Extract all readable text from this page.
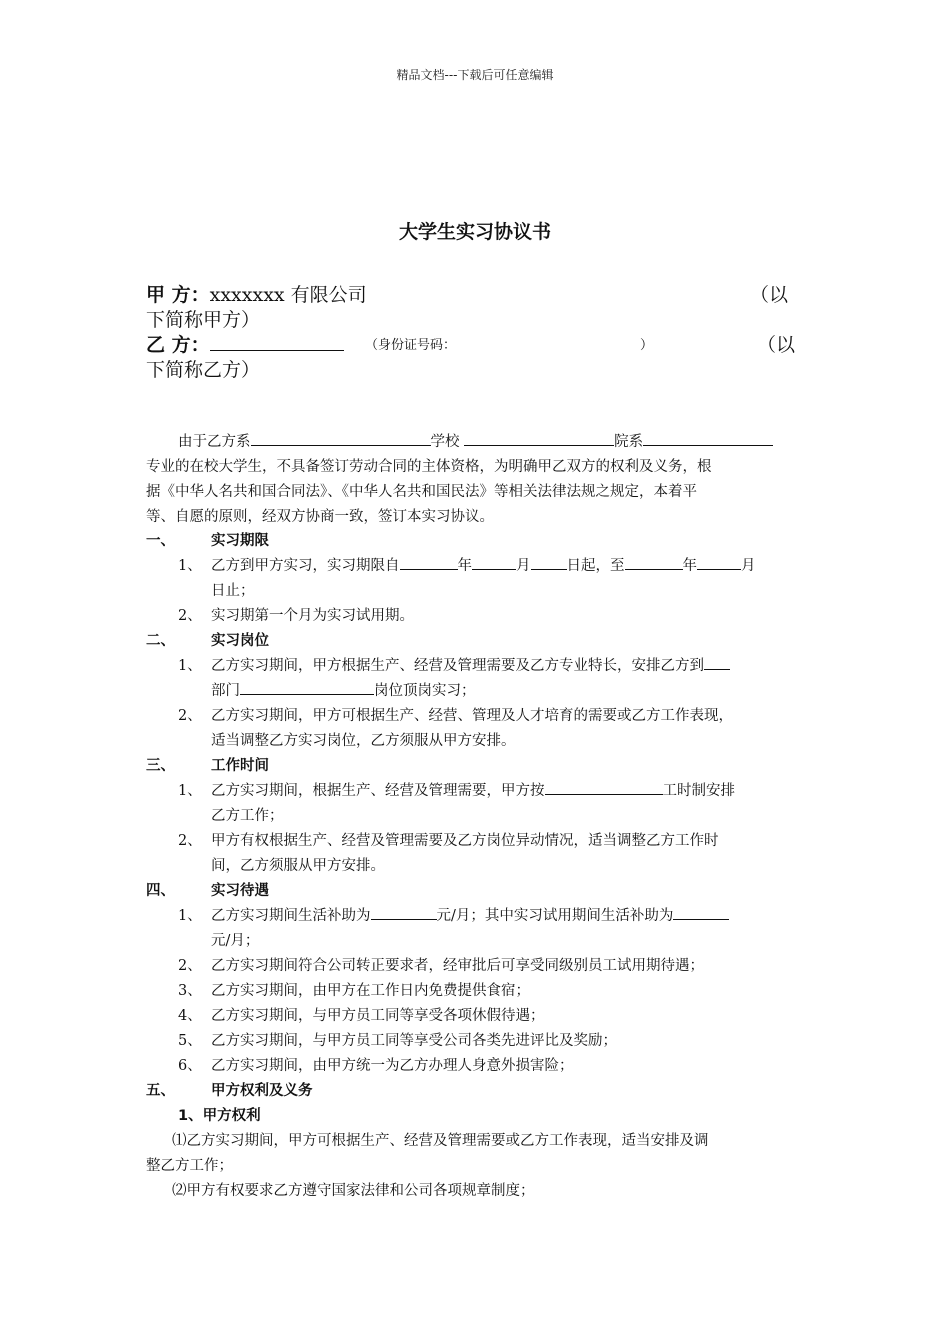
精品文档---下载后可任意编辑
大学生实习协议书
甲 方：xxxxxxx 有限公司	（以
下简称甲方）
乙 方：	（身份证号码：	）	（以
下简称乙方）
由于乙方系	学校	院系
专业的在校大学生，不具备签订劳动合同的主体资格，为明确甲乙双方的权利及义务，根
据《中华人名共和国合同法》、《中华人名共和国民法》等相关法律法规之规定，本着平
等、自愿的原则，经双方协商一致，签订本实习协议。
一、 实习期限
1、 乙方到甲方实习，实习期限自	年	月 日起，至	年	月
日止；
2、 实习期第一个月为实习试用期。
二、 实习岗位
1、 乙方实习期间，甲方根据生产、经营及管理需要及乙方专业特长，安排乙方到
部门	岗位顶岗实习；
2、 乙方实习期间，甲方可根据生产、经营、管理及人才培育的需要或乙方工作表现，
适当调整乙方实习岗位，乙方须服从甲方安排。
三、 工作时间
1、 乙方实习期间，根据生产、经营及管理需要，甲方按	工时制安排
乙方工作；
2、 甲方有权根据生产、经营及管理需要及乙方岗位异动情况，适当调整乙方工作时
间，乙方须服从甲方安排。
四、 实习待遇
1、 乙方实习期间生活补助为	元/月；其中实习试用期间生活补助为
元/月；
2、 乙方实习期间符合公司转正要求者，经审批后可享受同级别员工试用期待遇；
3、 乙方实习期间，由甲方在工作日内免费提供食宿；
4、 乙方实习期间，与甲方员工同等享受各项休假待遇；
5、 乙方实习期间，与甲方员工同等享受公司各类先进评比及奖励；
6、 乙方实习期间，由甲方统一为乙方办理人身意外损害险；
五、 甲方权利及义务
1、甲方权利
⑴乙方实习期间，甲方可根据生产、经营及管理需要或乙方工作表现，适当安排及调
整乙方工作；
⑵甲方有权要求乙方遵守国家法律和公司各项规章制度；
